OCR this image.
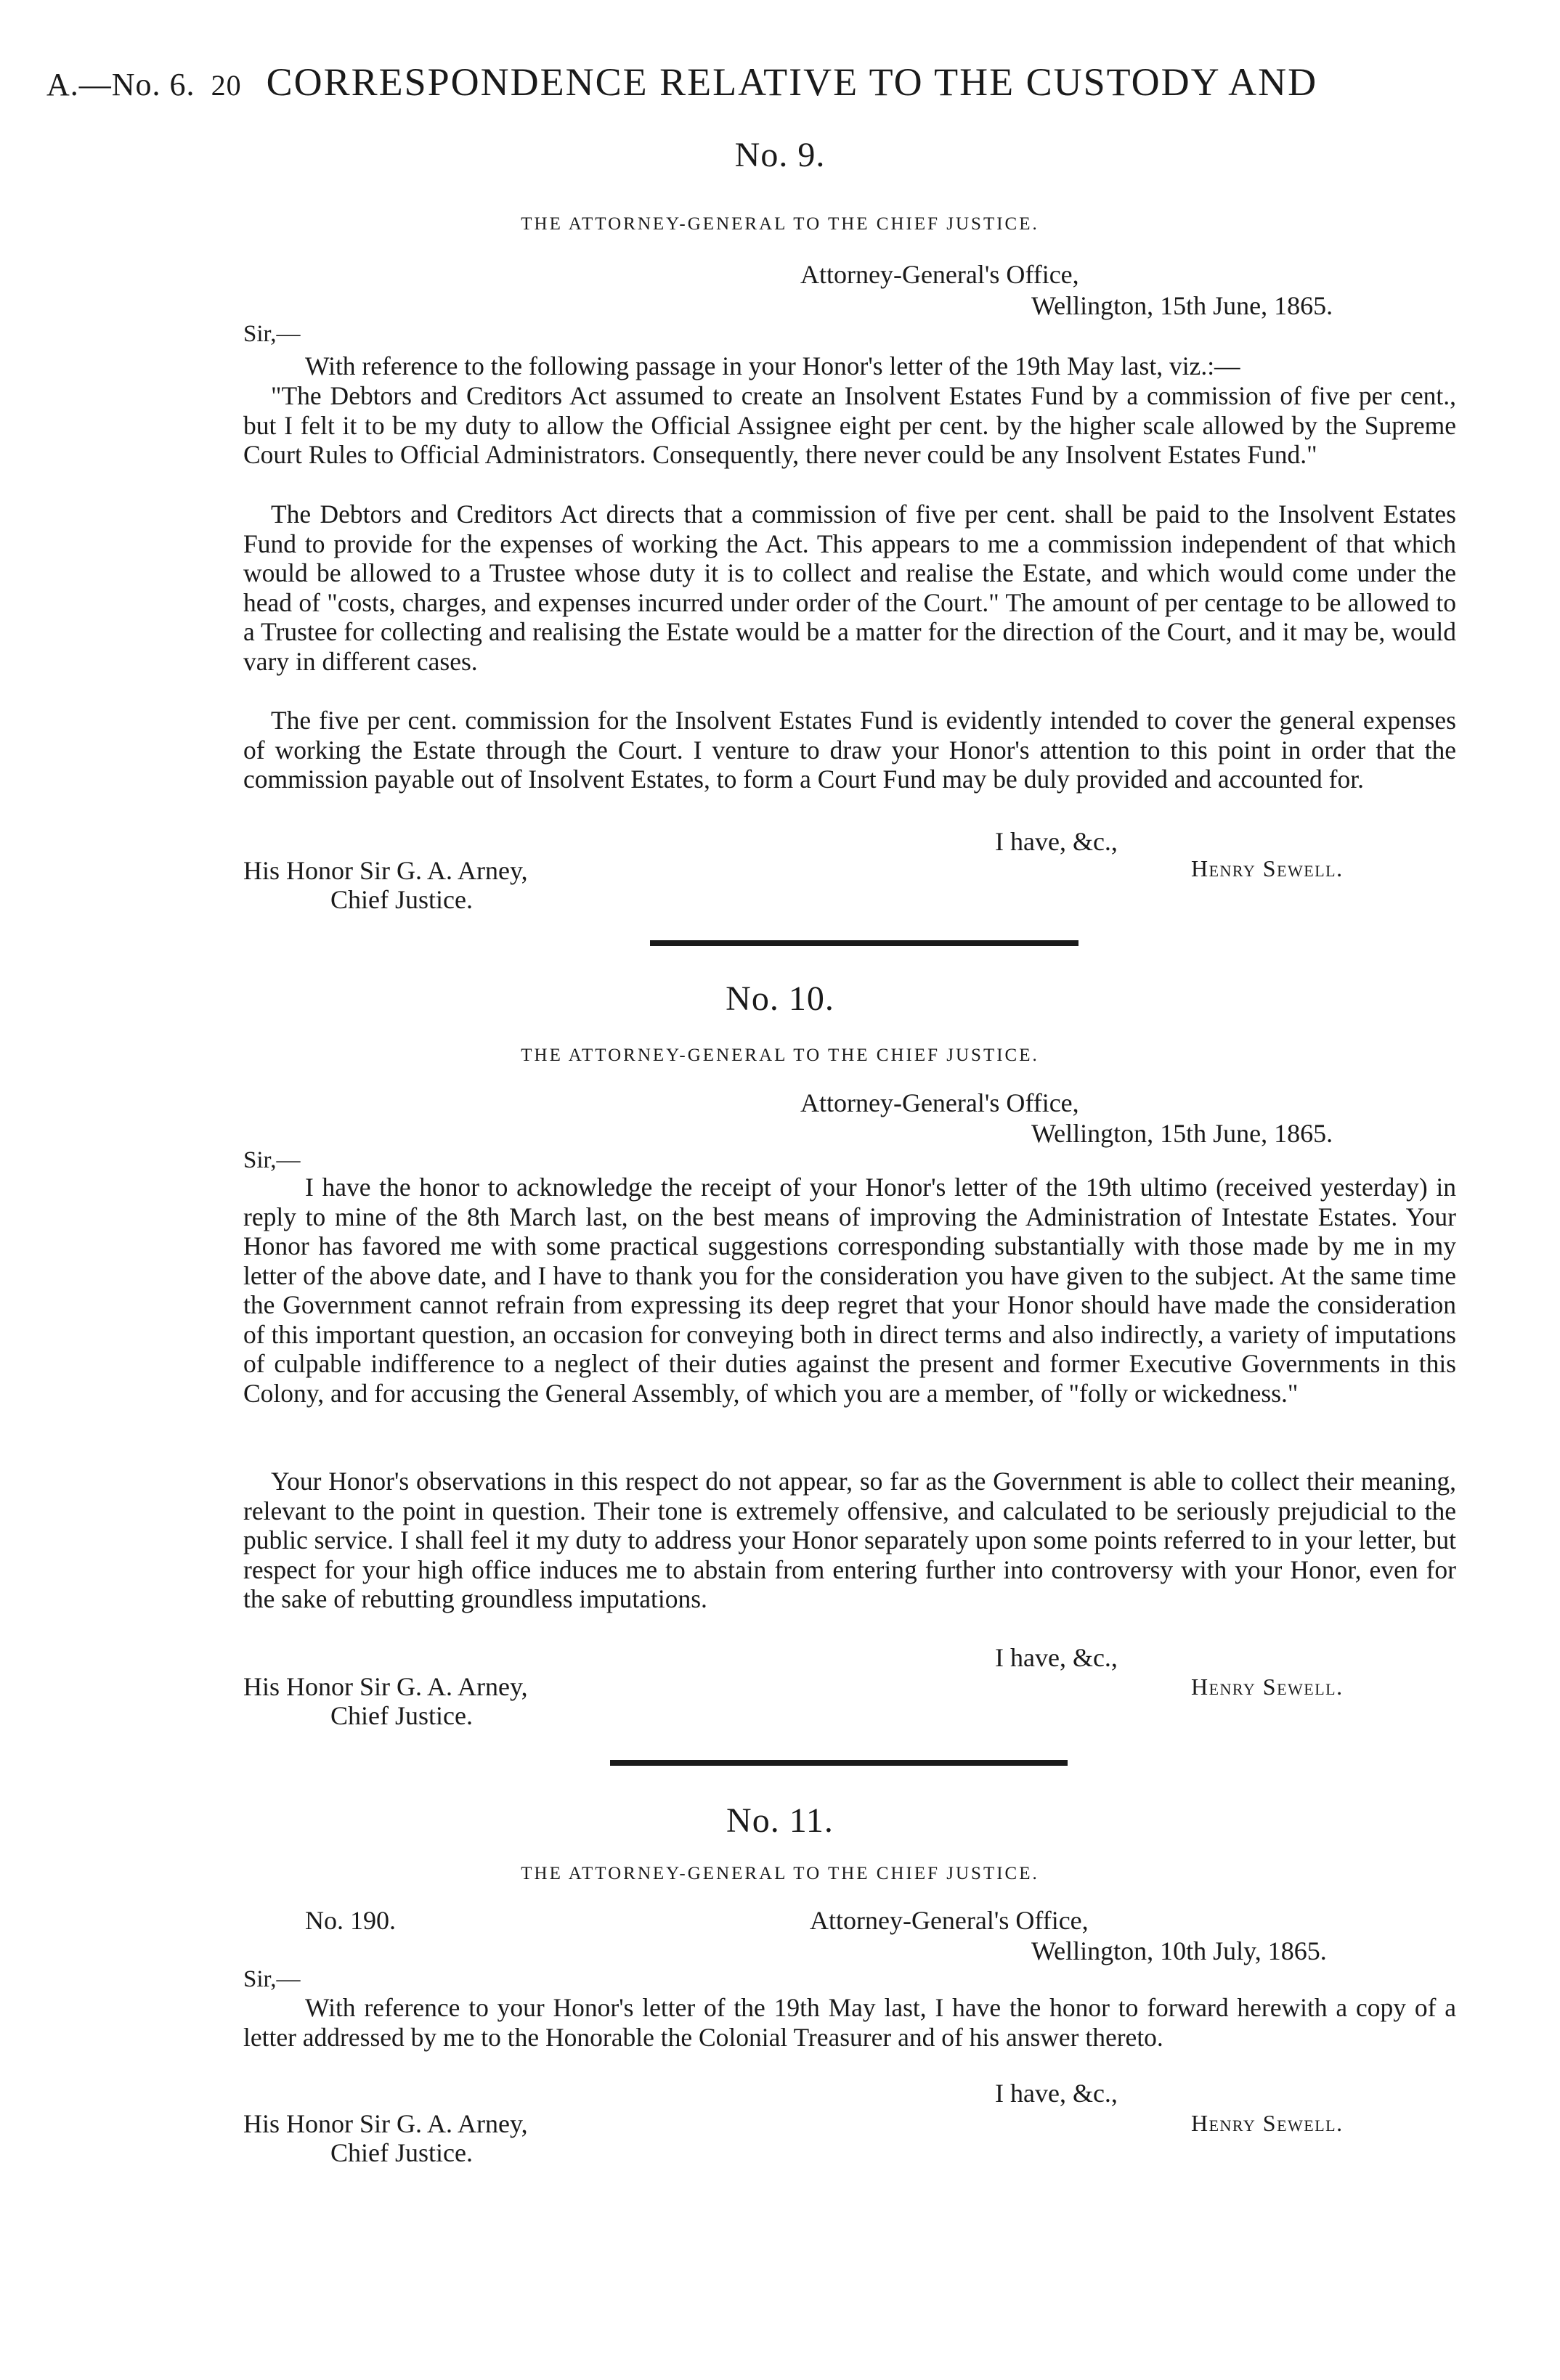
A.—No. 6. 20 CORRESPONDENCE RELATIVE TO THE CUSTODY AND
No. 9.
THE ATTORNEY-GENERAL TO THE CHIEF JUSTICE.
Attorney-General's Office,
Wellington, 15th June, 1865.
Sir,—

With reference to the following passage in your Honor's letter of the 19th May last, viz.:—

"The Debtors and Creditors Act assumed to create an Insolvent Estates Fund by a commission of five per cent., but I felt it to be my duty to allow the Official Assignee eight per cent. by the higher scale allowed by the Supreme Court Rules to Official Administrators. Consequently, there never could be any Insolvent Estates Fund."

The Debtors and Creditors Act directs that a commission of five per cent. shall be paid to the Insolvent Estates Fund to provide for the expenses of working the Act. This appears to me a commission independent of that which would be allowed to a Trustee whose duty it is to collect and realise the Estate, and which would come under the head of "costs, charges, and expenses incurred under order of the Court." The amount of per centage to be allowed to a Trustee for collecting and realising the Estate would be a matter for the direction of the Court, and it may be, would vary in different cases.

The five per cent. commission for the Insolvent Estates Fund is evidently intended to cover the general expenses of working the Estate through the Court. I venture to draw your Honor's attention to this point in order that the commission payable out of Insolvent Estates, to form a Court Fund may be duly provided and accounted for.

I have, &c.,
His Honor Sir G. A. Arney,
Chief Justice.
Henry Sewell.
No. 10.
THE ATTORNEY-GENERAL TO THE CHIEF JUSTICE.
Attorney-General's Office,
Wellington, 15th June, 1865.
Sir,—

I have the honor to acknowledge the receipt of your Honor's letter of the 19th ultimo (received yesterday) in reply to mine of the 8th March last, on the best means of improving the Administration of Intestate Estates. Your Honor has favored me with some practical suggestions corresponding substantially with those made by me in my letter of the above date, and I have to thank you for the consideration you have given to the subject. At the same time the Government cannot refrain from expressing its deep regret that your Honor should have made the consideration of this important question, an occasion for conveying both in direct terms and also indirectly, a variety of imputations of culpable indifference to a neglect of their duties against the present and former Executive Governments in this Colony, and for accusing the General Assembly, of which you are a member, of "folly or wickedness."

Your Honor's observations in this respect do not appear, so far as the Government is able to collect their meaning, relevant to the point in question. Their tone is extremely offensive, and calculated to be seriously prejudicial to the public service. I shall feel it my duty to address your Honor separately upon some points referred to in your letter, but respect for your high office induces me to abstain from entering further into controversy with your Honor, even for the sake of rebutting groundless imputations.

I have, &c.,
His Honor Sir G. A. Arney,
Chief Justice.
Henry Sewell.
No. 11.
THE ATTORNEY-GENERAL TO THE CHIEF JUSTICE.
No. 190.	Attorney-General's Office,
Wellington, 10th July, 1865.
Sir,—

With reference to your Honor's letter of the 19th May last, I have the honor to forward herewith a copy of a letter addressed by me to the Honorable the Colonial Treasurer and of his answer thereto.

I have, &c.,
His Honor Sir G. A. Arney,
Chief Justice.
Henry Sewell.
